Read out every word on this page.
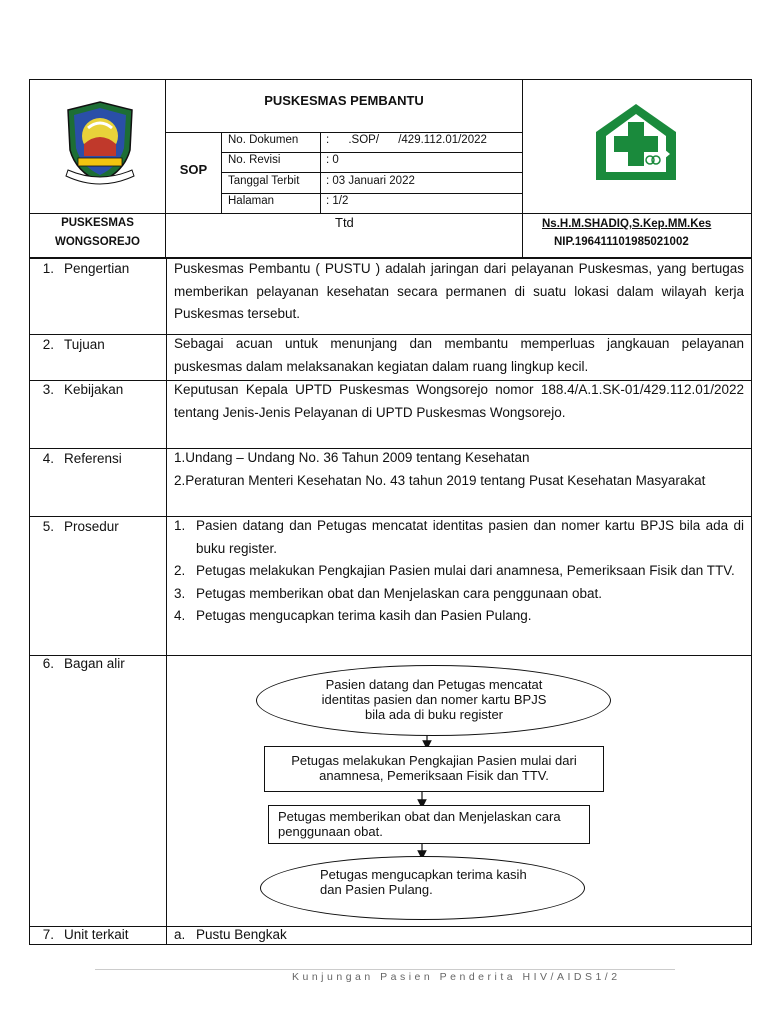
PUSKESMAS PEMBANTU
SOP
No. Dokumen :      .SOP/      /429.112.01/2022
No. Revisi	: 0
Tanggal Terbit : 03 Januari 2022
Halaman	: 1/2
PUSKESMAS
WONGSOREJO
Ttd	Ns.H.M.SHADIQ,S.Kep.MM.Kes
NIP.196411101985021002
1. Pengertian	Puskesmas Pembantu ( PUSTU ) adalah jaringan dari pelayanan Puskesmas, yang bertugas memberikan pelayanan kesehatan secara permanen di suatu lokasi dalam wilayah kerja Puskesmas tersebut.
2. Tujuan	Sebagai acuan untuk menunjang dan membantu memperluas jangkauan pelayanan puskesmas dalam melaksanakan kegiatan dalam ruang lingkup kecil.
3. Kebijakan	Keputusan Kepala UPTD Puskesmas Wongsorejo nomor 188.4/A.1.SK-01/429.112.01/2022 tentang Jenis-Jenis Pelayanan di UPTD Puskesmas Wongsorejo.
4. Referensi	1.Undang – Undang No. 36 Tahun 2009 tentang Kesehatan
2.Peraturan Menteri Kesehatan No. 43 tahun 2019 tentang Pusat Kesehatan Masyarakat
5. Prosedur	1. Pasien datang dan Petugas mencatat identitas pasien dan nomer kartu BPJS bila ada di buku register.
2. Petugas melakukan Pengkajian Pasien mulai dari anamnesa, Pemeriksaan Fisik dan TTV.
3. Petugas memberikan obat dan Menjelaskan cara penggunaan obat.
4. Petugas mengucapkan terima kasih dan Pasien Pulang.
6. Bagan alir
Pasien datang dan Petugas mencatat identitas pasien dan nomer kartu BPJS bila ada di buku register
Petugas melakukan Pengkajian Pasien mulai dari anamnesa, Pemeriksaan Fisik dan TTV.
Petugas memberikan obat dan Menjelaskan cara penggunaan obat.
Petugas mengucapkan terima kasih dan Pasien Pulang.
7. Unit terkait	a. Pustu Bengkak
Kunjungan Pasien Penderita HIV/AIDS1/2
